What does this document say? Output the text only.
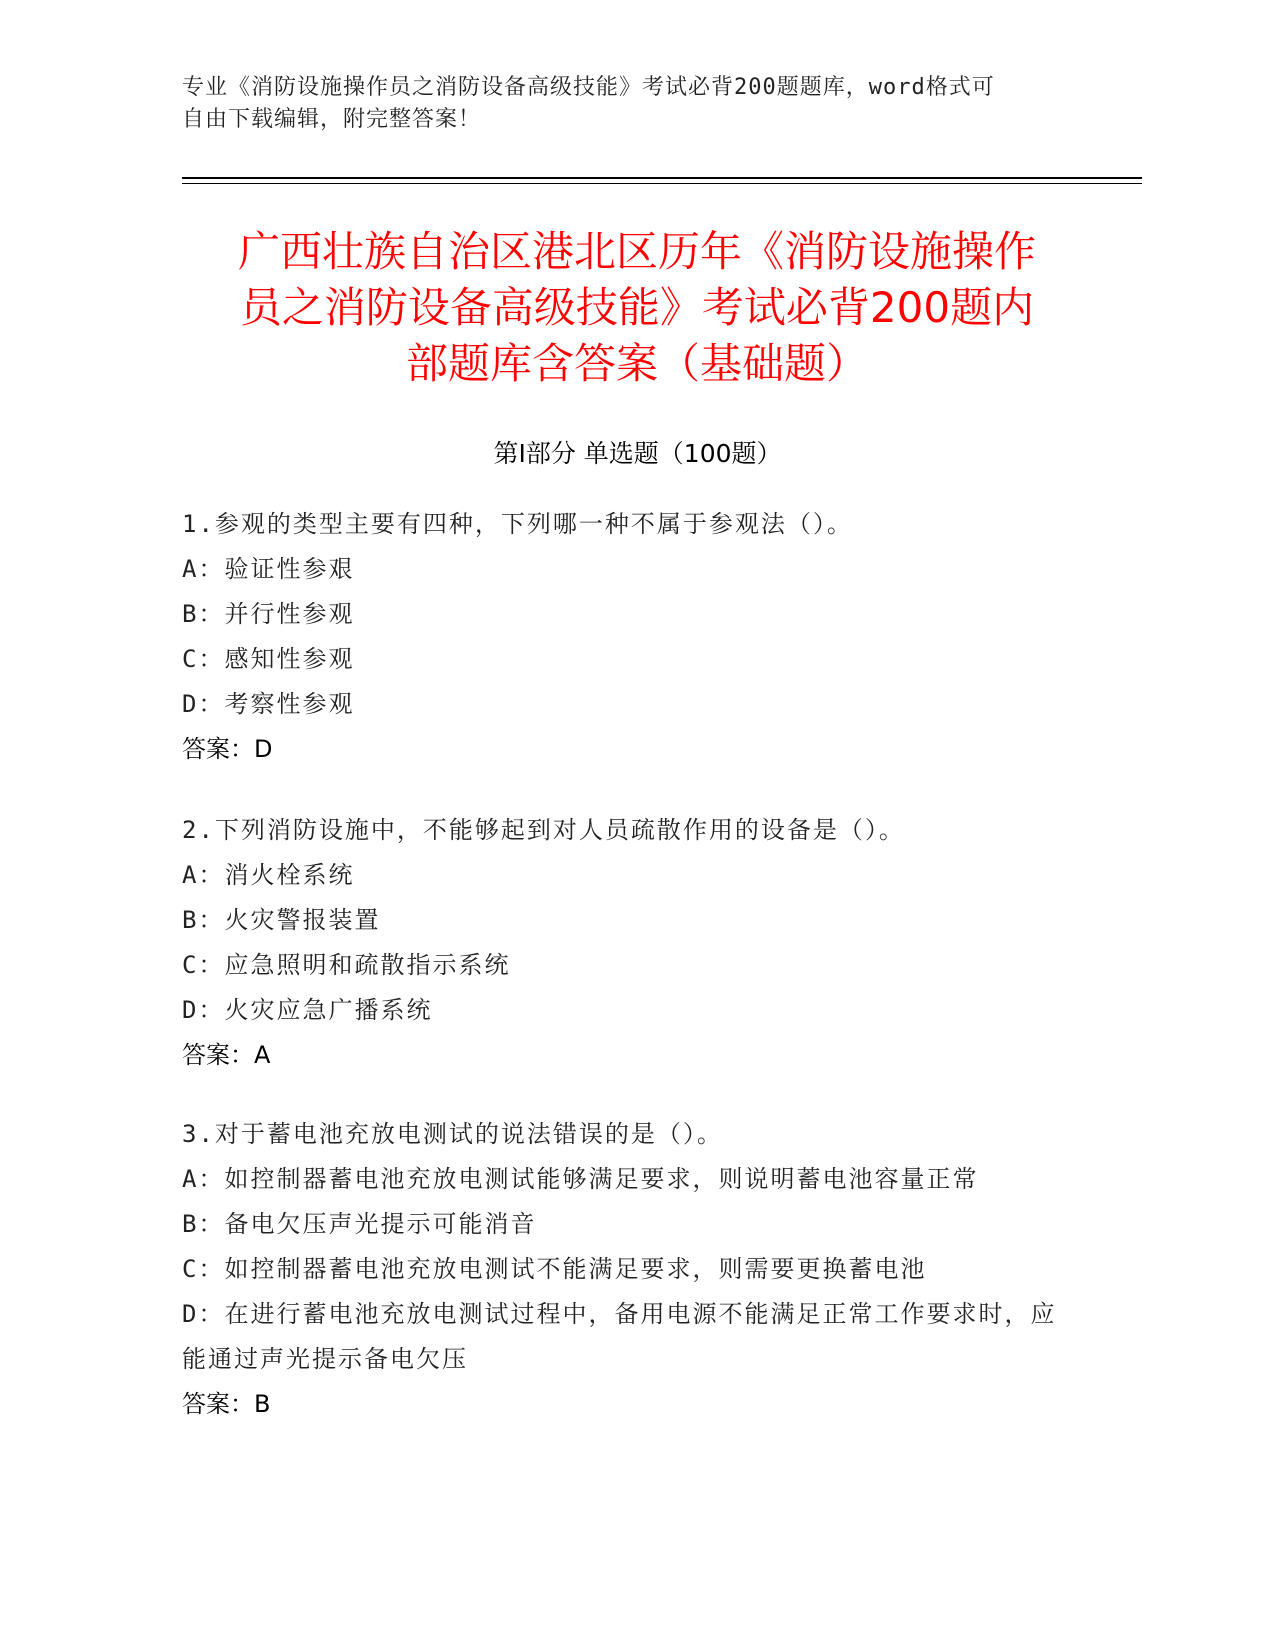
专业《消防设施操作员之消防设备高级技能》考试必背200题题库，word格式可
自由下载编辑，附完整答案！
广西壮族自治区港北区历年《消防设施操作
员之消防设备高级技能》考试必背200题内
部题库含答案（基础题）
第Ⅰ部分 单选题（100题）
1.参观的类型主要有四种，下列哪一种不属于参观法（）。
A：验证性参艰
B：并行性参观
C：感知性参观
D：考察性参观
答案：D
2.下列消防设施中，不能够起到对人员疏散作用的设备是（）。
A：消火栓系统
B：火灾警报装置
C：应急照明和疏散指示系统
D：火灾应急广播系统
答案：A
3.对于蓄电池充放电测试的说法错误的是（）。
A：如控制器蓄电池充放电测试能够满足要求，则说明蓄电池容量正常
B：备电欠压声光提示可能消音
C：如控制器蓄电池充放电测试不能满足要求，则需要更换蓄电池
D：在进行蓄电池充放电测试过程中，备用电源不能满足正常工作要求时，应能通过声光提示备电欠压
答案：B
